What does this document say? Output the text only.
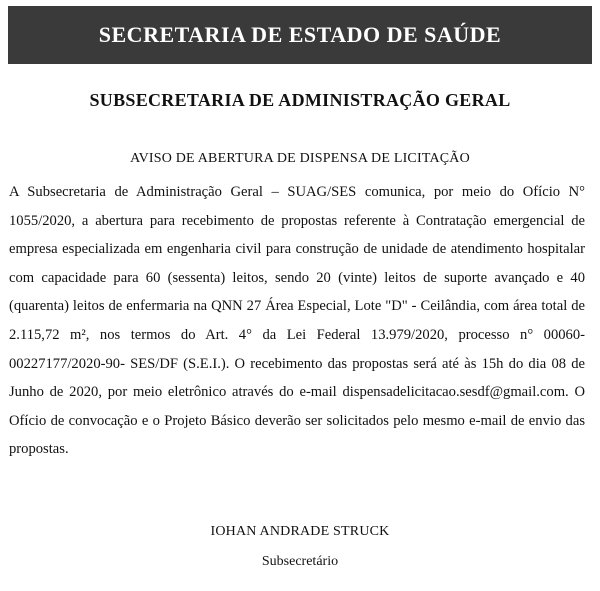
SECRETARIA DE ESTADO DE SAÚDE
SUBSECRETARIA DE ADMINISTRAÇÃO GERAL
AVISO DE ABERTURA DE DISPENSA DE LICITAÇÃO
A Subsecretaria de Administração Geral – SUAG/SES comunica, por meio do Ofício N° 1055/2020, a abertura para recebimento de propostas referente à Contratação emergencial de empresa especializada em engenharia civil para construção de unidade de atendimento hospitalar com capacidade para 60 (sessenta) leitos, sendo 20 (vinte) leitos de suporte avançado e 40 (quarenta) leitos de enfermaria na QNN 27 Área Especial, Lote "D" - Ceilândia, com área total de 2.115,72 m², nos termos do Art. 4° da Lei Federal 13.979/2020, processo n° 00060-00227177/2020-90- SES/DF (S.E.I.). O recebimento das propostas será até às 15h do dia 08 de Junho de 2020, por meio eletrônico através do e-mail dispensadelicitacao.sesdf@gmail.com. O Ofício de convocação e o Projeto Básico deverão ser solicitados pelo mesmo e-mail de envio das propostas.
IOHAN ANDRADE STRUCK
Subsecretário
